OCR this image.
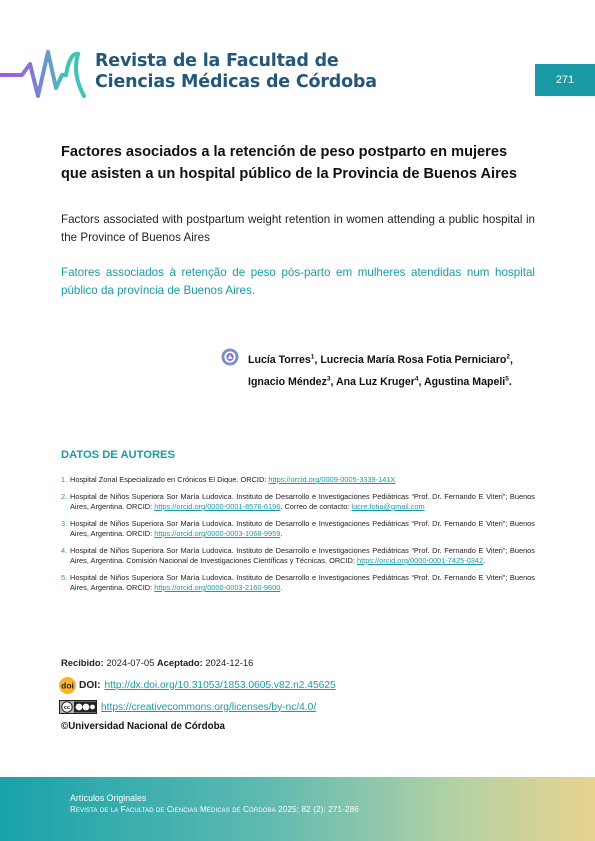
Revista de la Facultad de
Ciencias Médicas de Córdoba	271
Factores asociados a la retención de peso postparto en mujeres que asisten a un hospital público de la Provincia de Buenos Aires

Factors associated with postpartum weight retention in women attending a public hospital in the Province of Buenos Aires

Fatores associados à retenção de peso pós-parto em mulheres atendidas num hospital público da província de Buenos Aires.

Lucía Torres$^1$, Lucrecia María Rosa Fotia Perniciaro$^2$,
Ignacio Méndez$^3$, Ana Luz Kruger$^4$, Agustina Mapeli$^5$.
DATOS DE AUTORES
1. Hospital Zonal Especializado en Crónicos El Dique. ORCID: https://orcid.org/0009-0005-3339-141X
2. Hospital de Niños Superiora Sor María Ludovica. Instituto de Desarrollo e Investigaciones Pediátricas “Prof. Dr. Fernando E Viteri”; Buenos Aires, Argentina. ORCID: https://orcid.org/0000-0001-8576-6196. Correo de contacto: lucre.fotia@gmail.com
3. Hospital de Niños Superiora Sor María Ludovica. Instituto de Desarrollo e Investigaciones Pediátricas “Prof. Dr. Fernando E Viteri”; Buenos Aires, Argentina. ORCID: https://orcid.org/0000-0003-1068-9959.
4. Hospital de Niños Superiora Sor María Ludovica. Instituto de Desarrollo e Investigaciones Pediátricas “Prof. Dr. Fernando E Viteri”; Buenos Aires, Argentina. Comisión Nacional de Investigaciones Científicas y Técnicas. ORCID: https://orcid.org/0000-0001-7425-0342.
5. Hospital de Niños Superiora Sor María Ludovica. Instituto de Desarrollo e Investigaciones Pediátricas “Prof. Dr. Fernando E Viteri”; Buenos Aires, Argentina. ORCID: https://orcid.org/0000-0003-2160-9600.
Recibido: 2024-07-05 Aceptado: 2024-12-16
doi DOI: http://dx.doi.org/10.31053/1853.0605.v82.n2.45625
cc	https://creativecommons.org/licenses/by-nc/4.0/
©Universidad Nacional de Córdoba
Artículos Originales
Revista de la Facultad de Ciencias Médicas de Córdoba 2025; 82 (2): 271-286
